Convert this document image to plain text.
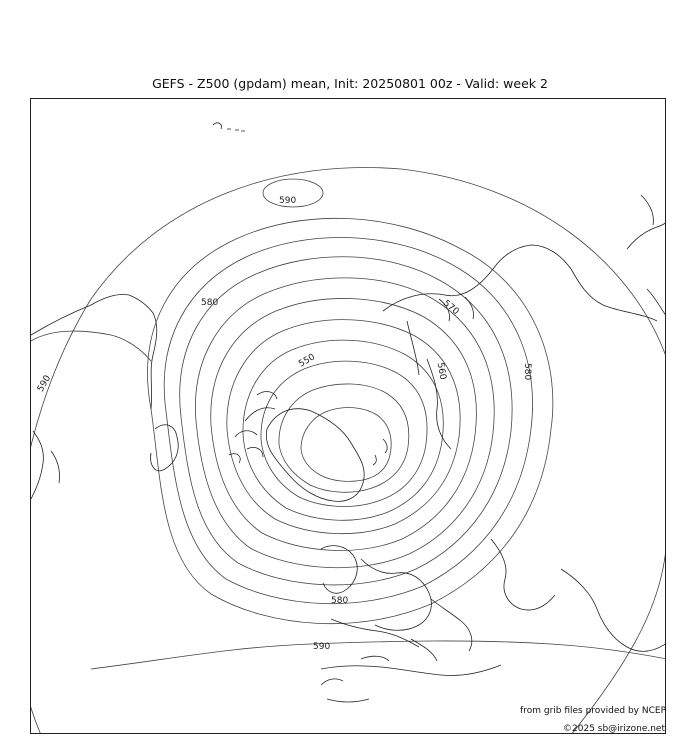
GEFS - Z500 (gpdam) mean, Init: 20250801 00z - Valid: week 2
590
580
590
550
570
560	580
580
590
from grib files provided by NCEP
©2025 sb@irizone.net
